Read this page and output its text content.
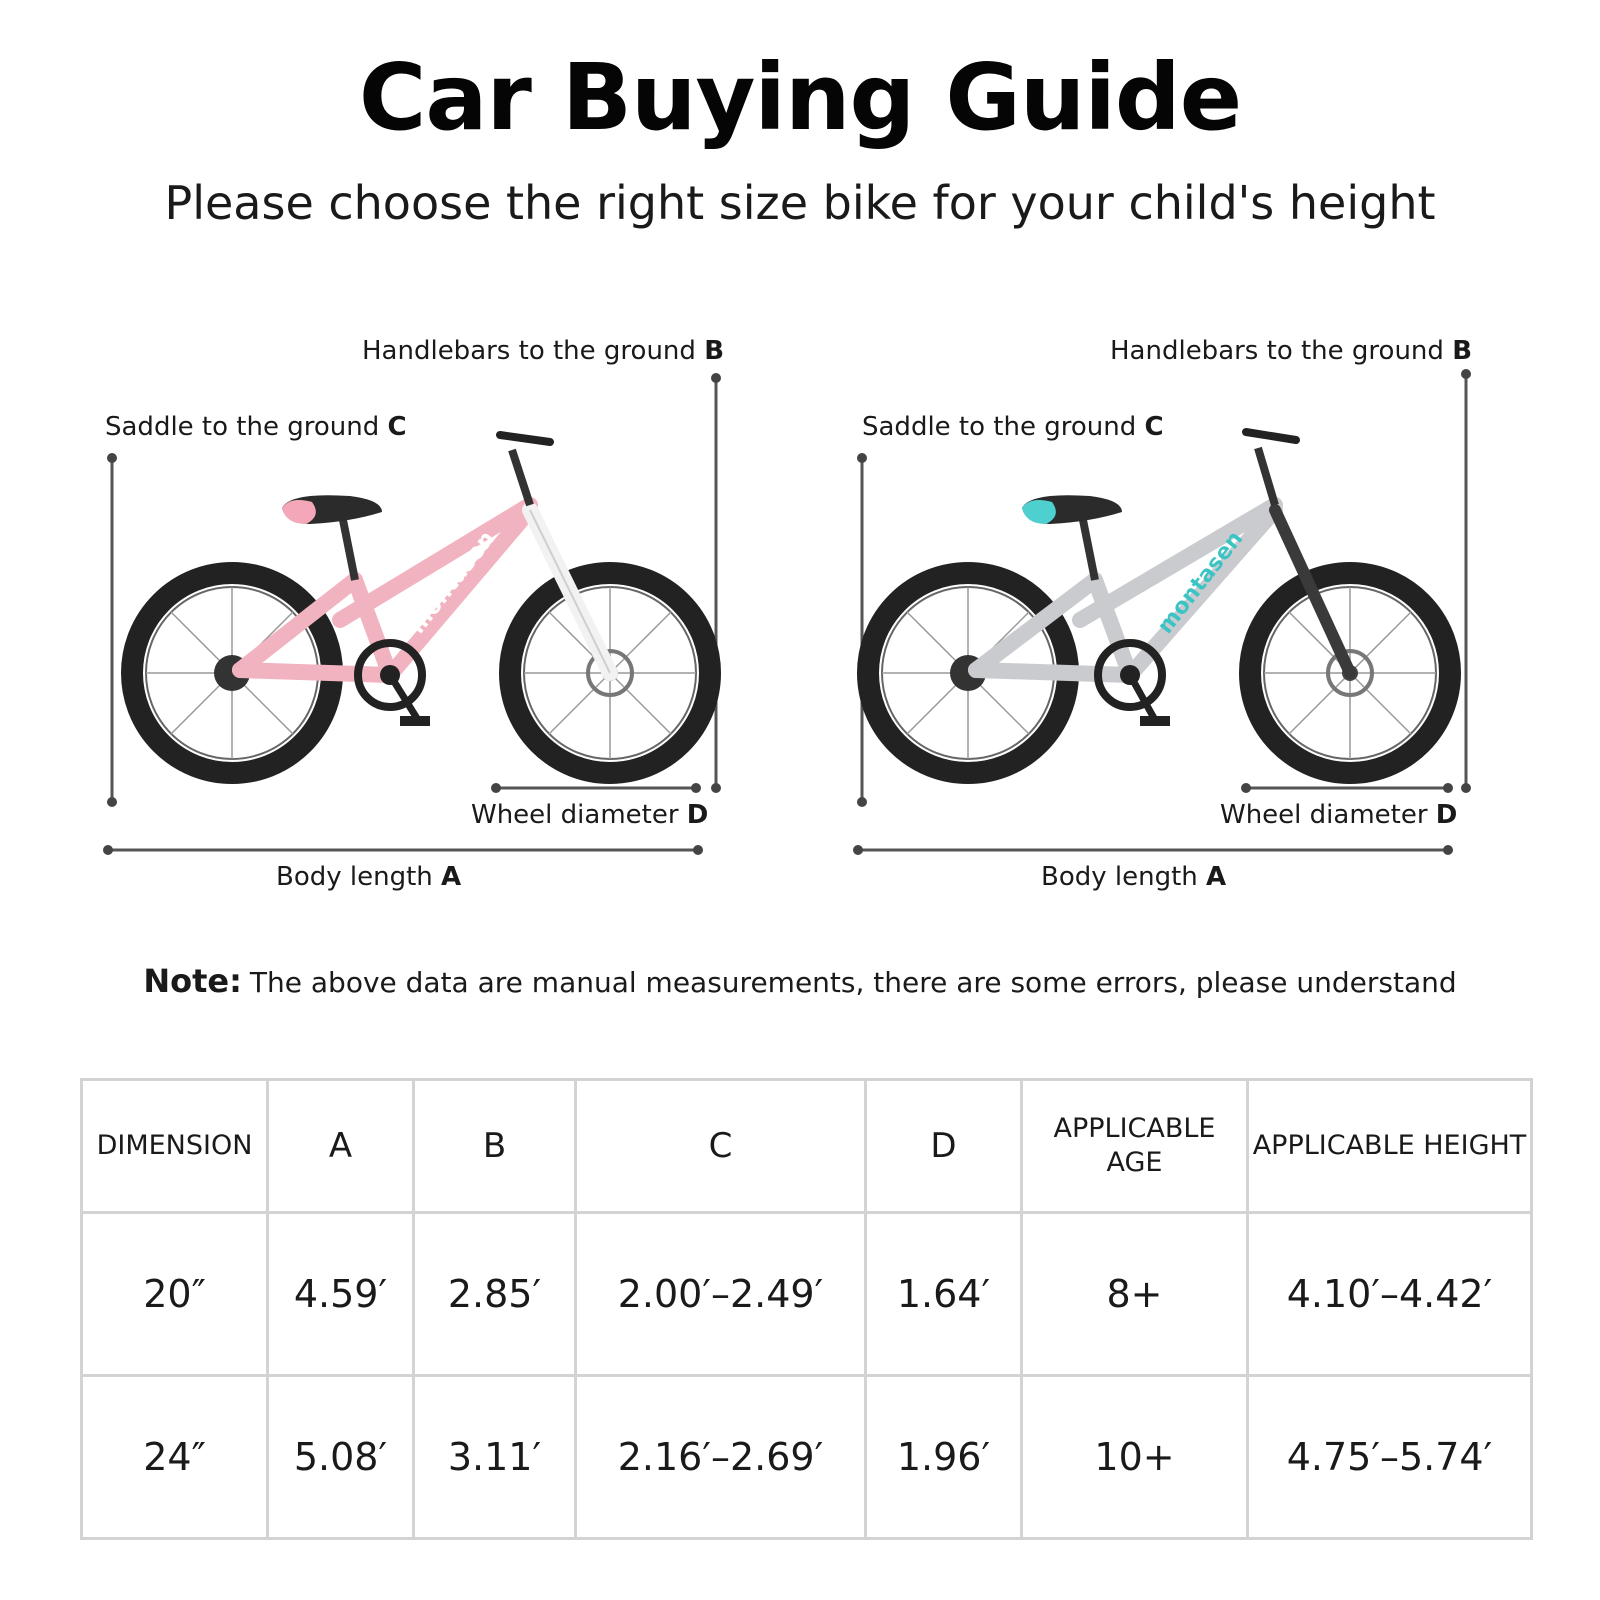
Car Buying Guide

Please choose the right size bike for your child's height

montasen
Handlebars to the ground B
Saddle to the ground C
Wheel diameter D
Body length A
montasen
Handlebars to the ground B
Saddle to the ground C
Wheel diameter D
Body length A
Note: The above data are manual measurements, there are some errors, please understand
DIMENSION	A	B	C	D	APPLICABLE AGE	APPLICABLE HEIGHT
20″	4.59′	2.85′	2.00′–2.49′	1.64′	8+	4.10′–4.42′
24″	5.08′	3.11′	2.16′–2.69′	1.96′	10+	4.75′–5.74′
